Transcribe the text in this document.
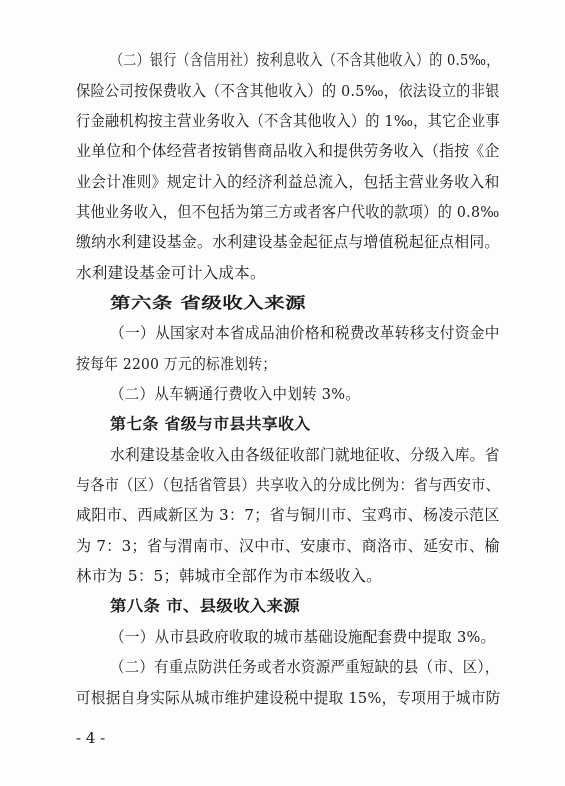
（二）银行（含信用社）按利息收入（不含其他收入）的 0.5‰，
保险公司按保费收入（不含其他收入）的 0.5‰，依法设立的非银
行金融机构按主营业务收入（不含其他收入）的 1‰，其它企业事
业单位和个体经营者按销售商品收入和提供劳务收入（指按《企
业会计准则》规定计入的经济利益总流入，包括主营业务收入和
其他业务收入，但不包括为第三方或者客户代收的款项）的 0.8‰
缴纳水利建设基金。水利建设基金起征点与增值税起征点相同。
水利建设基金可计入成本。
第六条 省级收入来源
（一）从国家对本省成品油价格和税费改革转移支付资金中
按每年 2200 万元的标准划转；
（二）从车辆通行费收入中划转 3%。
第七条 省级与市县共享收入
水利建设基金收入由各级征收部门就地征收、分级入库。省
与各市（区）（包括省管县）共享收入的分成比例为：省与西安市、
咸阳市、西咸新区为 3：7；省与铜川市、宝鸡市、杨凌示范区
为 7：3；省与渭南市、汉中市、安康市、商洛市、延安市、榆
林市为 5：5；韩城市全部作为市本级收入。
第八条 市、县级收入来源
（一）从市县政府收取的城市基础设施配套费中提取 3%。
（二）有重点防洪任务或者水资源严重短缺的县（市、区），
可根据自身实际从城市维护建设税中提取 15%，专项用于城市防
- 4 -
